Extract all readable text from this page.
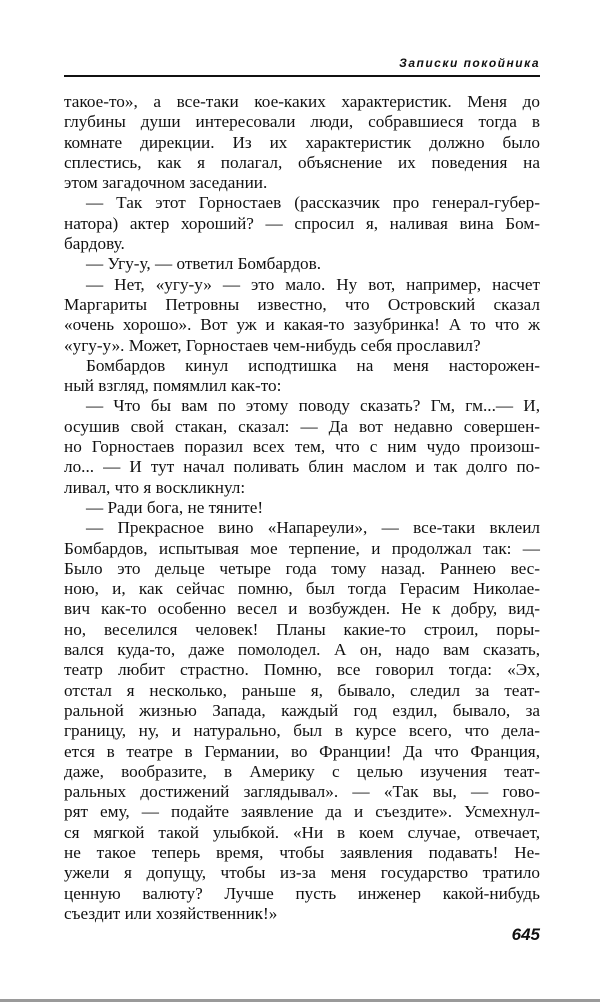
Записки покойника
такое-то», а все-таки кое-каких характеристик. Меня до
глубины души интересовали люди, собравшиеся тогда в
комнате дирекции. Из их характеристик должно было
сплестись, как я полагал, объяснение их поведения на
этом загадочном заседании.
— Так этот Горностаев (рассказчик про генерал-губер-
натора) актер хороший? — спросил я, наливая вина Бом-
бардову.
— Угу-у, — ответил Бомбардов.
— Нет, «угу-у» — это мало. Ну вот, например, насчет
Маргариты Петровны известно, что Островский сказал
«очень хорошо». Вот уж и какая-то зазубринка! А то что ж
«угу-у». Может, Горностаев чем-нибудь себя прославил?
Бомбардов кинул исподтишка на меня насторожен-
ный взгляд, помямлил как-то:
— Что бы вам по этому поводу сказать? Гм, гм...— И,
осушив свой стакан, сказал: — Да вот недавно совершен-
но Горностаев поразил всех тем, что с ним чудо произош-
ло... — И тут начал поливать блин маслом и так долго по-
ливал, что я воскликнул:
— Ради бога, не тяните!
— Прекрасное вино «Напареули», — все-таки вклеил
Бомбардов, испытывая мое терпение, и продолжал так: —
Было это дельце четыре года тому назад. Раннею вес-
ною, и, как сейчас помню, был тогда Герасим Николае-
вич как-то особенно весел и возбужден. Не к добру, вид-
но, веселился человек! Планы какие-то строил, поры-
вался куда-то, даже помолодел. А он, надо вам сказать,
театр любит страстно. Помню, все говорил тогда: «Эх,
отстал я несколько, раньше я, бывало, следил за теат-
ральной жизнью Запада, каждый год ездил, бывало, за
границу, ну, и натурально, был в курсе всего, что дела-
ется в театре в Германии, во Франции! Да что Франция,
даже, вообразите, в Америку с целью изучения теат-
ральных достижений заглядывал». — «Так вы, — гово-
рят ему, — подайте заявление да и съездите». Усмехнул-
ся мягкой такой улыбкой. «Ни в коем случае, отвечает,
не такое теперь время, чтобы заявления подавать! Не-
ужели я допущу, чтобы из-за меня государство тратило
ценную валюту? Лучше пусть инженер какой-нибудь
съездит или хозяйственник!»
645
